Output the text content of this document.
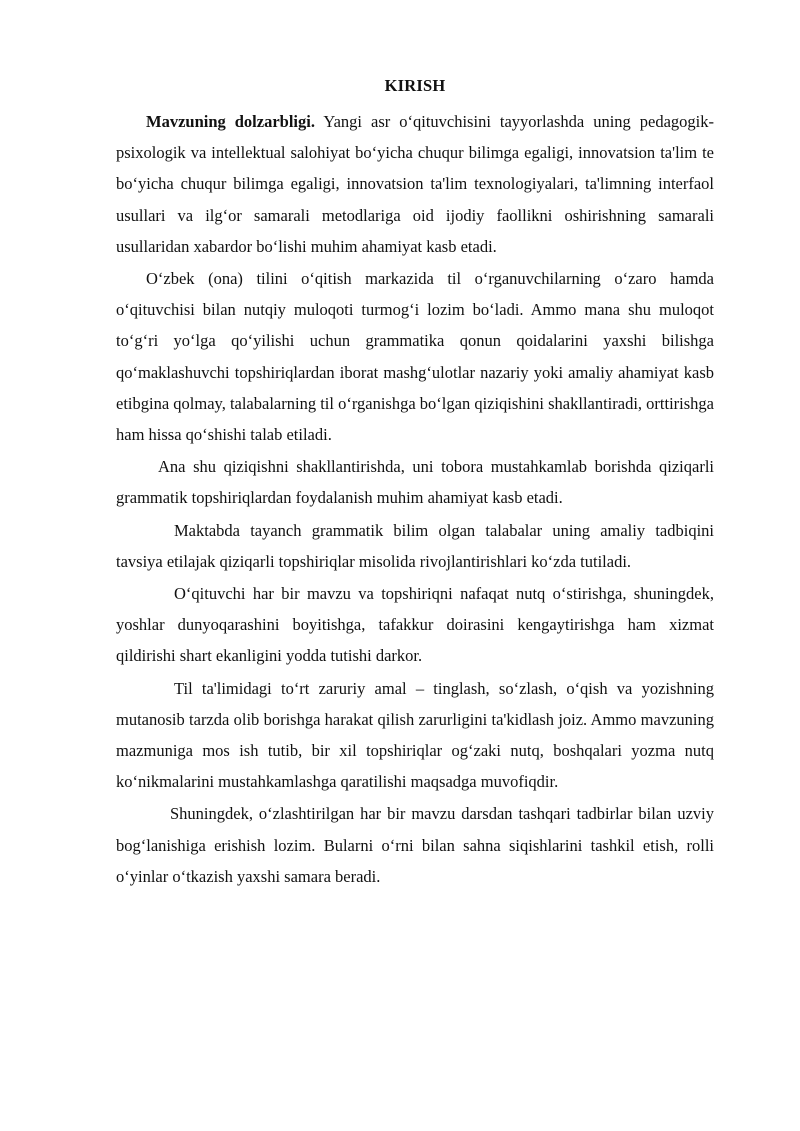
KIRISH

Mavzuning dolzarbligi. Yangi asr o‘qituvchisini tayyorlashda uning pedagogik-psixologik va intellektual salohiyat bo‘yicha chuqur bilimga egaligi, innovatsion ta'lim te bo‘yicha chuqur bilimga egaligi, innovatsion ta'lim texnologiyalari, ta'limning interfaol usullari va ilg‘or samarali metodlariga oid ijodiy faollikni oshirishning samarali usullaridan xabardor bo‘lishi muhim ahamiyat kasb etadi.

O‘zbek (ona) tilini o‘qitish markazida til o‘rganuvchilarning o‘zaro hamda o‘qituvchisi bilan nutqiy muloqoti turmog‘i lozim bo‘ladi. Ammo mana shu muloqot to‘g‘ri yo‘lga qo‘yilishi uchun grammatika qonun qoidalarini yaxshi bilishga qo‘maklashuvchi topshiriqlardan iborat mashg‘ulotlar nazariy yoki amaliy ahamiyat kasb etibgina qolmay, talabalarning til o‘rganishga bo‘lgan qiziqishini shakllantiradi, orttirishga ham hissa qo‘shishi talab etiladi.

Ana shu qiziqishni shakllantirishda, uni tobora mustahkamlab borishda qiziqarli grammatik topshiriqlardan foydalanish muhim ahamiyat kasb etadi.

Maktabda tayanch grammatik bilim olgan talabalar uning amaliy tadbiqini tavsiya etilajak qiziqarli topshiriqlar misolida rivojlantirishlari ko‘zda tutiladi.

O‘qituvchi har bir mavzu va topshiriqni nafaqat nutq o‘stirishga, shuningdek, yoshlar dunyoqarashini boyitishga, tafakkur doirasini kengaytirishga ham xizmat qildirishi shart ekanligini yodda tutishi darkor.

Til ta'limidagi to‘rt zaruriy amal – tinglash, so‘zlash, o‘qish va yozishning mutanosib tarzda olib borishga harakat qilish zarurligini ta'kidlash joiz. Ammo mavzuning mazmuniga mos ish tutib, bir xil topshiriqlar og‘zaki nutq, boshqalari yozma nutq ko‘nikmalarini mustahkamlashga qaratilishi maqsadga muvofiqdir.

Shuningdek, o‘zlashtirilgan har bir mavzu darsdan tashqari tadbirlar bilan uzviy bog‘lanishiga erishish lozim. Bularni o‘rni bilan sahna siqishlarini tashkil etish, rolli o‘yinlar o‘tkazish yaxshi samara beradi.
